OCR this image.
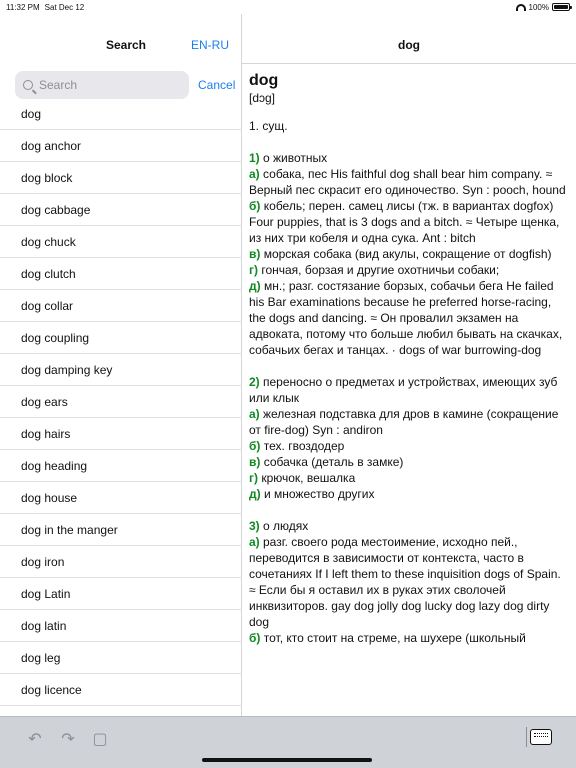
11:32 PM Sat Dec 12	100%
Search	EN-RU
Search	Cancel
dog
dog anchor
dog block
dog cabbage
dog chuck
dog clutch
dog collar
dog coupling
dog damping key
dog ears
dog hairs
dog heading
dog house
dog in the manger
dog iron
dog Latin
dog latin
dog leg
dog licence
dog
dog
[dɔg]
1. сущ.
1) о животных
а) собака, пес His faithful dog shall bear him company. ≈ Верный пес скрасит его одиночество. Syn : pooch, hound
б) кобель; перен. самец лисы (тж. в вариантах dogfox) Four puppies, that is 3 dogs and a bitch. ≈ Четыре щенка, из них три кобеля и одна сука. Ant : bitch
в) морская собака (вид акулы, сокращение от dogfish)
г) гончая, борзая и другие охотничьи собаки;
д) мн.; разг. состязание борзых, собачьи бега He failed his Bar examinations because he preferred horse-racing, the dogs and dancing. ≈ Он провалил экзамен на адвоката, потому что больше любил бывать на скачках, собачьих бегах и танцах. · dogs of war burrowing-dog
2) переносно о предметах и устройствах, имеющих зуб или клык
а) железная подставка для дров в камине (сокращение от fire-dog) Syn : andiron
б) тех. гвоздодер
в) собачка (деталь в замке)
г) крючок, вешалка
д) и множество других
3) о людях
а) разг. своего рода местоимение, исходно пей., переводится в зависимости от контекста, часто в сочетаниях If I left them to these inquisition dogs of Spain. ≈ Если бы я оставил их в руках этих сволочей инквизиторов. gay dog jolly dog lucky dog lazy dog dirty dog
б) тот, кто стоит на стреме, на шухере (школьный
↶ ↷ ▢
